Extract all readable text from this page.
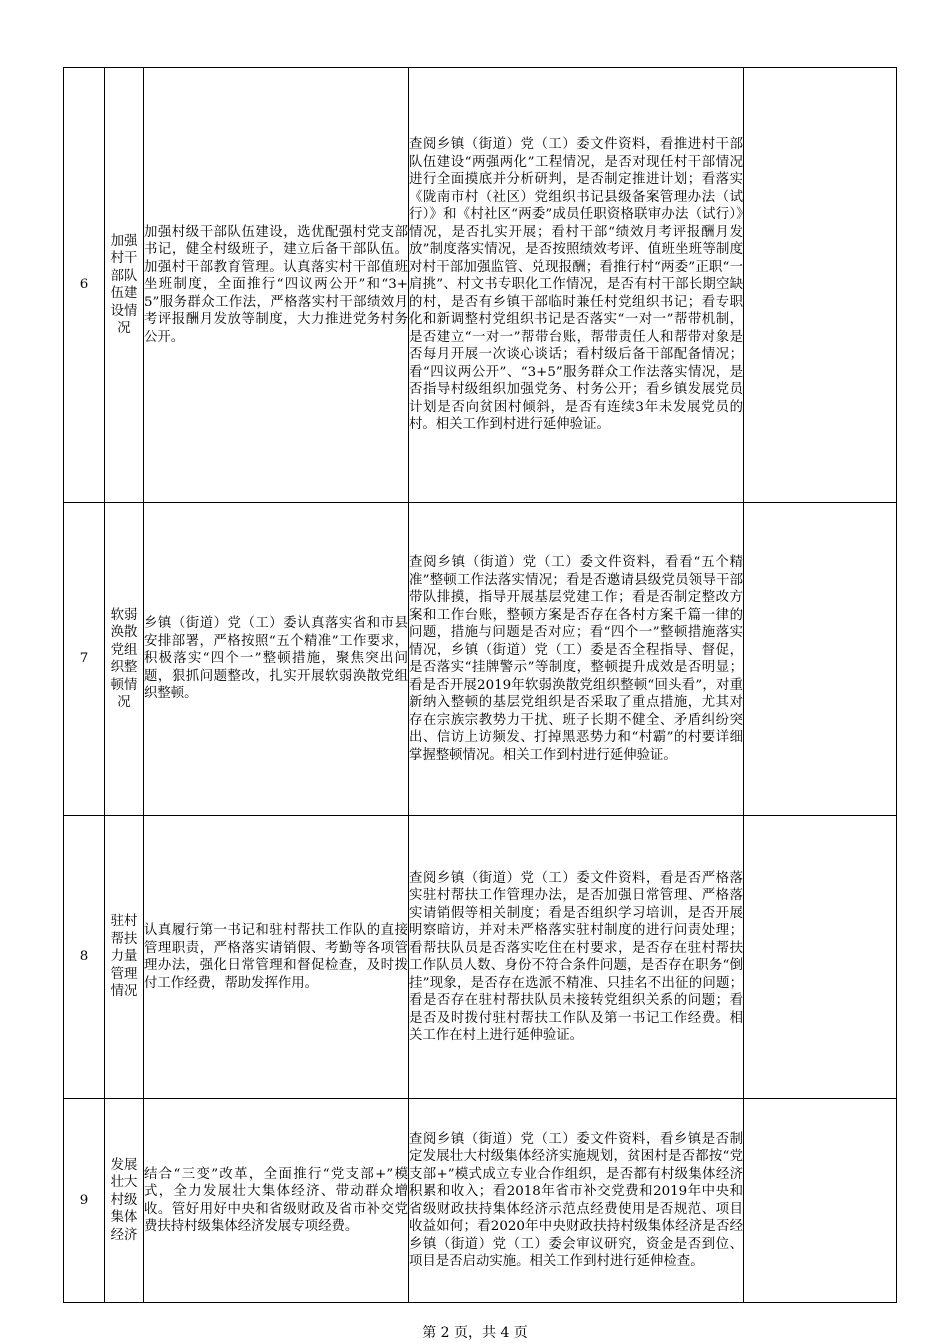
6	加强村干部队伍建设情况	加强村级干部队伍建设，选优配强村党支部书记，健全村级班子，建立后备干部队伍。加强村干部教育管理。认真落实村干部值班坐班制度，全面推行“四议两公开”和“3+5”服务群众工作法，严格落实村干部绩效月考评报酬月发放等制度，大力推进党务村务公开。	查阅乡镇（街道）党（工）委文件资料，看推进村干部队伍建设“两强两化”工程情况，是否对现任村干部情况进行全面摸底并分析研判，是否制定推进计划；看落实《陇南市村（社区）党组织书记县级备案管理办法（试行）》和《村社区“两委”成员任职资格联审办法（试行）》情况，是否扎实开展；看村干部“绩效月考评报酬月发放”制度落实情况，是否按照绩效考评、值班坐班等制度对村干部加强监管、兑现报酬；看推行村“两委”正职“一肩挑”、村文书专职化工作情况，是否有村干部长期空缺的村，是否有乡镇干部临时兼任村党组织书记；看专职化和新调整村党组织书记是否落实“一对一”帮带机制，是否建立“一对一”帮带台账，帮带责任人和帮带对象是否每月开展一次谈心谈话；看村级后备干部配备情况；看“四议两公开”、“3+5”服务群众工作法落实情况，是否指导村级组织加强党务、村务公开；看乡镇发展党员计划是否向贫困村倾斜，是否有连续3年未发展党员的村。相关工作到村进行延伸验证。	
7	软弱涣散党组织整顿情况	乡镇（街道）党（工）委认真落实省和市县安排部署，严格按照“五个精准”工作要求，积极落实“四个一”整顿措施，聚焦突出问题，狠抓问题整改，扎实开展软弱涣散党组织整顿。	查阅乡镇（街道）党（工）委文件资料，看看“五个精准”整顿工作法落实情况；看是否邀请县级党员领导干部带队排摸，指导开展基层党建工作；看是否制定整改方案和工作台账，整顿方案是否存在各村方案千篇一律的问题，措施与问题是否对应；看“四个一”整顿措施落实情况，乡镇（街道）党（工）委是否全程指导、督促，是否落实“挂牌警示”等制度，整顿提升成效是否明显；看是否开展2019年软弱涣散党组织整顿“回头看”，对重新纳入整顿的基层党组织是否采取了重点措施，尤其对存在宗族宗教势力干扰、班子长期不健全、矛盾纠纷突出、信访上访频发、打掉黑恶势力和“村霸”的村要详细掌握整顿情况。相关工作到村进行延伸验证。	
8	驻村帮扶力量管理情况	认真履行第一书记和驻村帮扶工作队的直接管理职责，严格落实请销假、考勤等各项管理办法，强化日常管理和督促检查，及时拨付工作经费，帮助发挥作用。	查阅乡镇（街道）党（工）委文件资料，看是否严格落实驻村帮扶工作管理办法，是否加强日常管理、严格落实请销假等相关制度；看是否组织学习培训，是否开展明察暗访，并对未严格落实驻村制度的进行问责处理；看帮扶队员是否落实吃住在村要求，是否存在驻村帮扶工作队员人数、身份不符合条件问题，是否存在职务“倒挂”现象，是否存在选派不精准、只挂名不出征的问题；看是否存在驻村帮扶队员未接转党组织关系的问题；看是否及时拨付驻村帮扶工作队及第一书记工作经费。相关工作在村上进行延伸验证。	
9	发展壮大村级集体经济	结合“三变”改革，全面推行“党支部+”模式，全力发展壮大集体经济、带动群众增收。管好用好中央和省级财政及省市补交党费扶持村级集体经济发展专项经费。	查阅乡镇（街道）党（工）委文件资料，看乡镇是否制定发展壮大村级集体经济实施规划，贫困村是否都按“党支部+”模式成立专业合作组织，是否都有村级集体经济积累和收入；看2018年省市补交党费和2019年中央和省级财政扶持集体经济示范点经费使用是否规范、项目收益如何；看2020年中央财政扶持村级集体经济是否经乡镇（街道）党（工）委会审议研究，资金是否到位、项目是否启动实施。相关工作到村进行延伸检查。	
第 2 页，共 4 页
